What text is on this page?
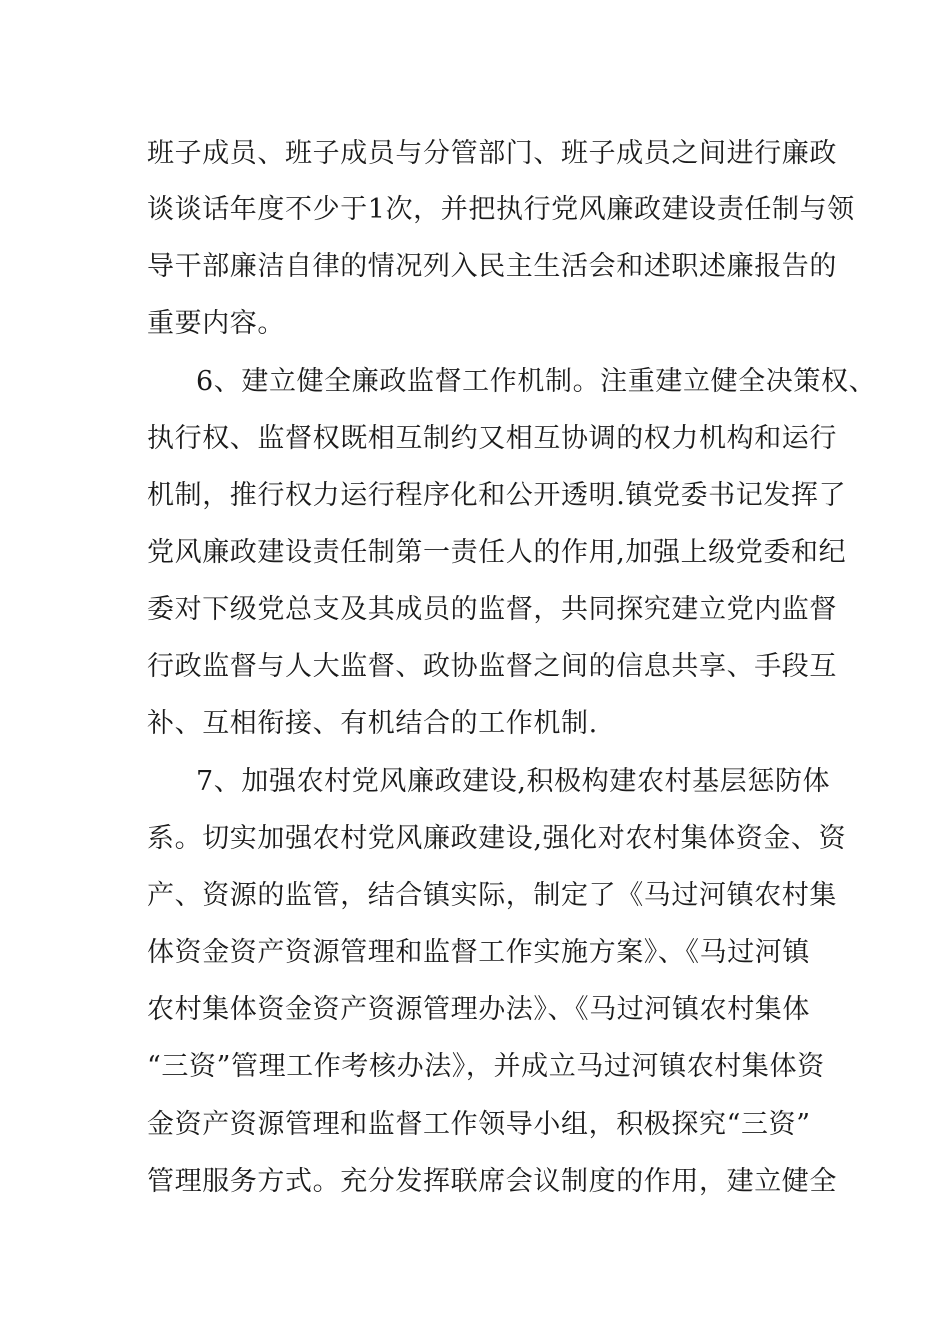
班子成员、班子成员与分管部门、班子成员之间进行廉政
谈谈话年度不少于1次，并把执行党风廉政建设责任制与领
导干部廉洁自律的情况列入民主生活会和述职述廉报告的
重要内容。
6、建立健全廉政监督工作机制。注重建立健全决策权、
执行权、监督权既相互制约又相互协调的权力机构和运行
机制，推行权力运行程序化和公开透明.镇党委书记发挥了
党风廉政建设责任制第一责任人的作用,加强上级党委和纪
委对下级党总支及其成员的监督，共同探究建立党内监督
行政监督与人大监督、政协监督之间的信息共享、手段互
补、互相衔接、有机结合的工作机制.
7、加强农村党风廉政建设,积极构建农村基层惩防体
系。切实加强农村党风廉政建设,强化对农村集体资金、资
产、资源的监管，结合镇实际，制定了《马过河镇农村集
体资金资产资源管理和监督工作实施方案》、《马过河镇
农村集体资金资产资源管理办法》、《马过河镇农村集体
“三资”管理工作考核办法》，并成立马过河镇农村集体资
金资产资源管理和监督工作领导小组，积极探究“三资”
管理服务方式。充分发挥联席会议制度的作用，建立健全
